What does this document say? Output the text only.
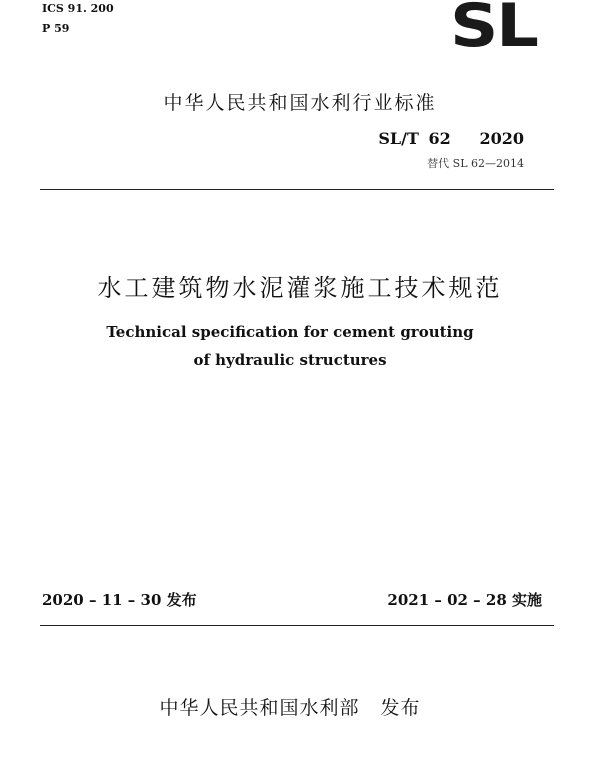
ICS 91. 200
P 59	SL
中华人民共和国水利行业标准
SL/T 62   2020
替代 SL 62—2014
水工建筑物水泥灌浆施工技术规范
Technical specification for cement grouting
of hydraulic structures
2020 – 11 – 30 发布	2021 – 02 – 28 实施
中华人民共和国水利部   发布
